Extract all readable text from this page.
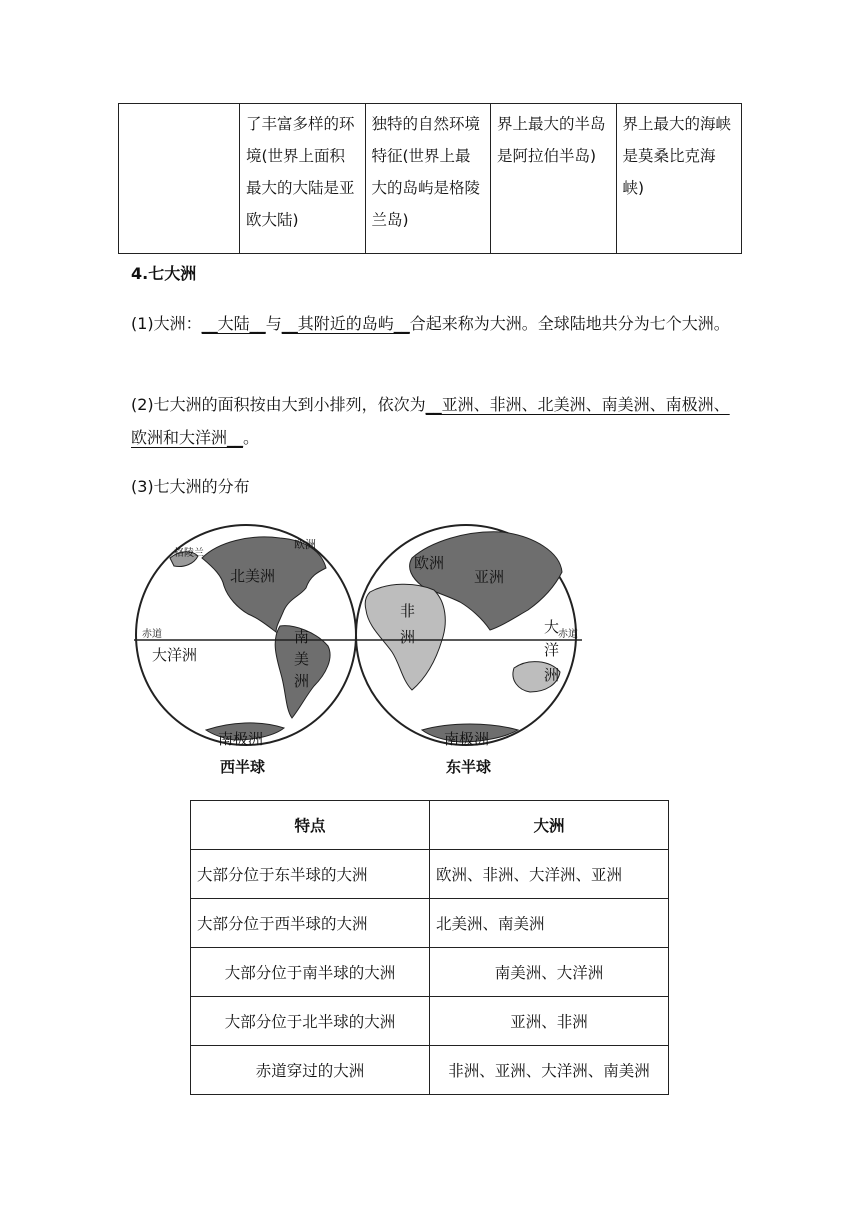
	了丰富多样的环境(世界上面积最大的大陆是亚欧大陆)	独特的自然环境特征(世界上最大的岛屿是格陵兰岛)	界上最大的半岛是阿拉伯半岛)	界上最大的海峡是莫桑比克海峡)
4.七大洲
(1)大洲：__大陆__与__其附近的岛屿__合起来称为大洲。全球陆地共分为七个大洲。
(2)七大洲的面积按由大到小排列，依次为__亚洲、非洲、北美洲、南美洲、南极洲、欧洲和大洋洲__。
(3)七大洲的分布
格陵兰
欧洲
北美洲
赤道
大洋洲
南
美
洲
南极洲
西半球
欧洲
亚洲
非
洲
大
洋
洲
赤道
南极洲
东半球
特点	大洲
大部分位于东半球的大洲	欧洲、非洲、大洋洲、亚洲
大部分位于西半球的大洲	北美洲、南美洲
大部分位于南半球的大洲	南美洲、大洋洲
大部分位于北半球的大洲	亚洲、非洲
赤道穿过的大洲	非洲、亚洲、大洋洲、南美洲
